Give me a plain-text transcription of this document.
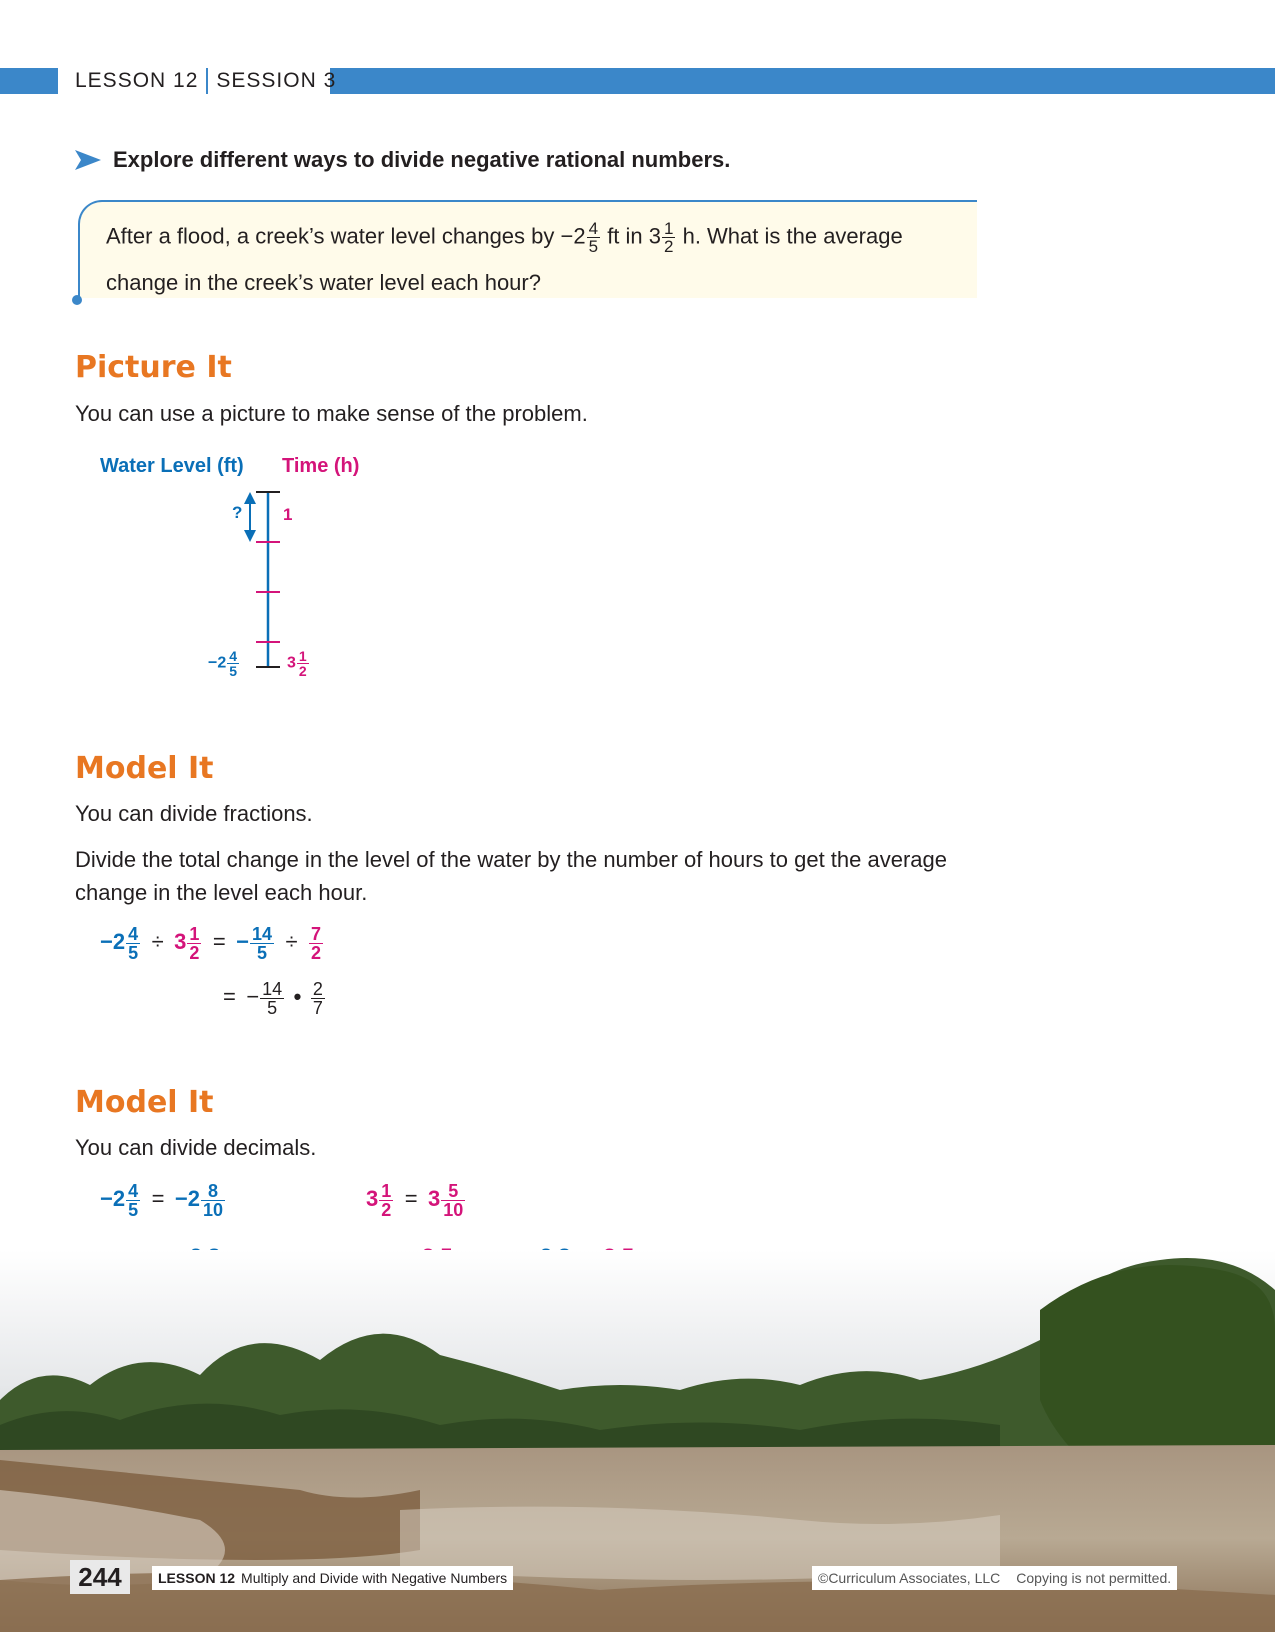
LESSON 12 SESSION 3
Explore different ways to divide negative rational numbers.
After a flood, a creek’s water level changes by $-2 \frac{4}{5}$ ft in $3 \frac{1}{2} h$. What is the average
change in the creek’s water level each hour?
Picture It
You can use a picture to make sense of the problem.
Water Level (ft) Time (h)
? 1
$-2 \frac{4}{5}$	$3 \frac{1}{2}$
Model It
You can divide fractions.
Divide the total change in the level of the water by the number of hours to get the average change in the level each hour.
$-2 \frac{4}{5} \div 3 \frac{1}{2}$ = − $\frac{14}{5} \div \frac{7}{2}$
= − $\frac{14}{5}$ • $\frac{2}{7}$
Model It
You can divide decimals.
$-2 \frac{4}{5} = -2 \frac{8}{10}$	$3 \frac{1}{2} = 3 \frac{5}{10}$
244	LESSON 12 Multiply and Divide with Negative Numbers	©Curriculum Associates, LLC Copying is not permitted.
